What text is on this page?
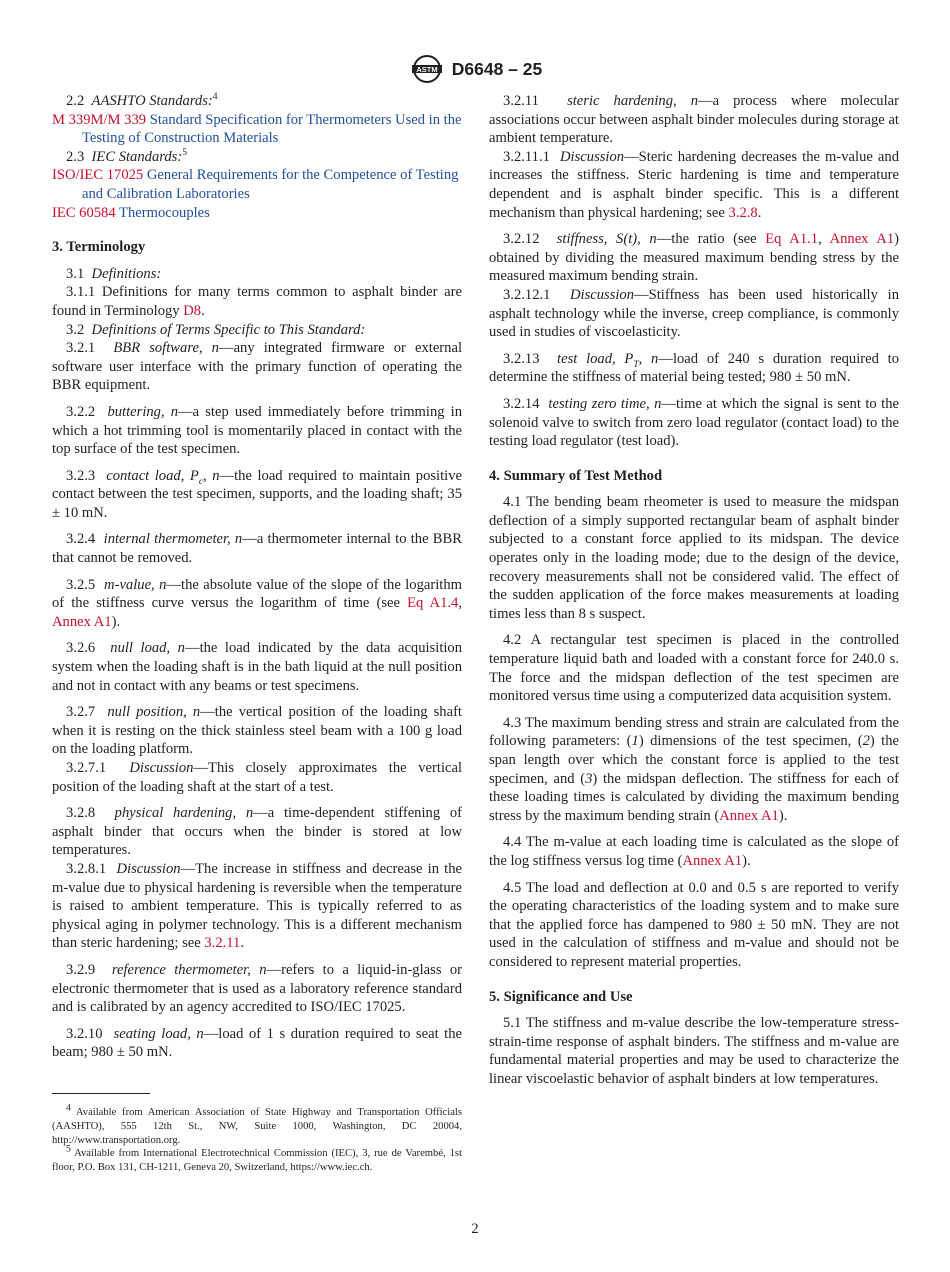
ASTM D6648 – 25

2.2 AASHTO Standards:$^4$

M 339M/M 339 Standard Specification for Thermometers Used in the Testing of Construction Materials

2.3 IEC Standards:$^5$

ISO/IEC 17025 General Requirements for the Competence of Testing and Calibration Laboratories

IEC 60584 Thermocouples

3. Terminology

3.1 Definitions:

3.1.1 Definitions for many terms common to asphalt binder are found in Terminology D8.

3.2 Definitions of Terms Specific to This Standard:

3.2.1 BBR software, n—any integrated firmware or external software user interface with the primary function of operating the BBR equipment.

3.2.2 buttering, n—a step used immediately before trimming in which a hot trimming tool is momentarily placed in contact with the top surface of the test specimen.

3.2.3 contact load, $P_c$, n—the load required to maintain positive contact between the test specimen, supports, and the loading shaft; 35 ± 10 mN.

3.2.4 internal thermometer, n—a thermometer internal to the BBR that cannot be removed.

3.2.5 m-value, n—the absolute value of the slope of the logarithm of the stiffness curve versus the logarithm of time (see Eq A1.4, Annex A1).

3.2.6 null load, n—the load indicated by the data acquisition system when the loading shaft is in the bath liquid at the null position and not in contact with any beams or test specimens.

3.2.7 null position, n—the vertical position of the loading shaft when it is resting on the thick stainless steel beam with a 100 g load on the loading platform.

3.2.7.1 Discussion—This closely approximates the vertical position of the loading shaft at the start of a test.

3.2.8 physical hardening, n—a time-dependent stiffening of asphalt binder that occurs when the binder is stored at low temperatures.

3.2.8.1 Discussion—The increase in stiffness and decrease in the m-value due to physical hardening is reversible when the temperature is raised to ambient temperature. This is typically referred to as physical aging in polymer technology. This is a different mechanism than steric hardening; see 3.2.11.

3.2.9 reference thermometer, n—refers to a liquid-in-glass or electronic thermometer that is used as a laboratory reference standard and is calibrated by an agency accredited to ISO/IEC 17025.

3.2.10 seating load, n—load of 1 s duration required to seat the beam; 980 ± 50 mN.

$^4$ Available from American Association of State Highway and Transportation Officials (AASHTO), 555 12th St., NW, Suite 1000, Washington, DC 20004, http://www.transportation.org.

$^5$ Available from International Electrotechnical Commission (IEC), 3, rue de Varembé, 1st floor, P.O. Box 131, CH-1211, Geneva 20, Switzerland, https://www.iec.ch.

3.2.11 steric hardening, n—a process where molecular associations occur between asphalt binder molecules during storage at ambient temperature.

3.2.11.1 Discussion—Steric hardening decreases the m-value and increases the stiffness. Steric hardening is time and temperature dependent and is asphalt binder specific. This is a different mechanism than physical hardening; see 3.2.8.

3.2.12 stiffness, S(t), n—the ratio (see Eq A1.1, Annex A1) obtained by dividing the measured maximum bending stress by the measured maximum bending strain.

3.2.12.1 Discussion—Stiffness has been used historically in asphalt technology while the inverse, creep compliance, is commonly used in studies of viscoelasticity.

3.2.13 test load, $P_T$, n—load of 240 s duration required to determine the stiffness of material being tested; 980 ± 50 mN.

3.2.14 testing zero time, n—time at which the signal is sent to the solenoid valve to switch from zero load regulator (contact load) to the testing load regulator (test load).

4. Summary of Test Method

4.1 The bending beam rheometer is used to measure the midspan deflection of a simply supported rectangular beam of asphalt binder subjected to a constant force applied to its midspan. The device operates only in the loading mode; due to the design of the device, recovery measurements shall not be considered valid. The effect of the sudden application of the force makes measurements at loading times less than 8 s suspect.

4.2 A rectangular test specimen is placed in the controlled temperature liquid bath and loaded with a constant force for 240.0 s. The force and the midspan deflection of the test specimen are monitored versus time using a computerized data acquisition system.

4.3 The maximum bending stress and strain are calculated from the following parameters: (1) dimensions of the test specimen, (2) the span length over which the constant force is applied to the test specimen, and (3) the midspan deflection. The stiffness for each of these loading times is calculated by dividing the maximum bending stress by the maximum bending strain (Annex A1).

4.4 The m-value at each loading time is calculated as the slope of the log stiffness versus log time (Annex A1).

4.5 The load and deflection at 0.0 and 0.5 s are reported to verify the operating characteristics of the loading system and to make sure that the applied force has dampened to 980 ± 50 mN. They are not used in the calculation of stiffness and m-value and should not be considered to represent material properties.

5. Significance and Use

5.1 The stiffness and m-value describe the low-temperature stress-strain-time response of asphalt binders. The stiffness and m-value are fundamental material properties and may be used to characterize the linear viscoelastic behavior of asphalt binders at low temperatures.

2
